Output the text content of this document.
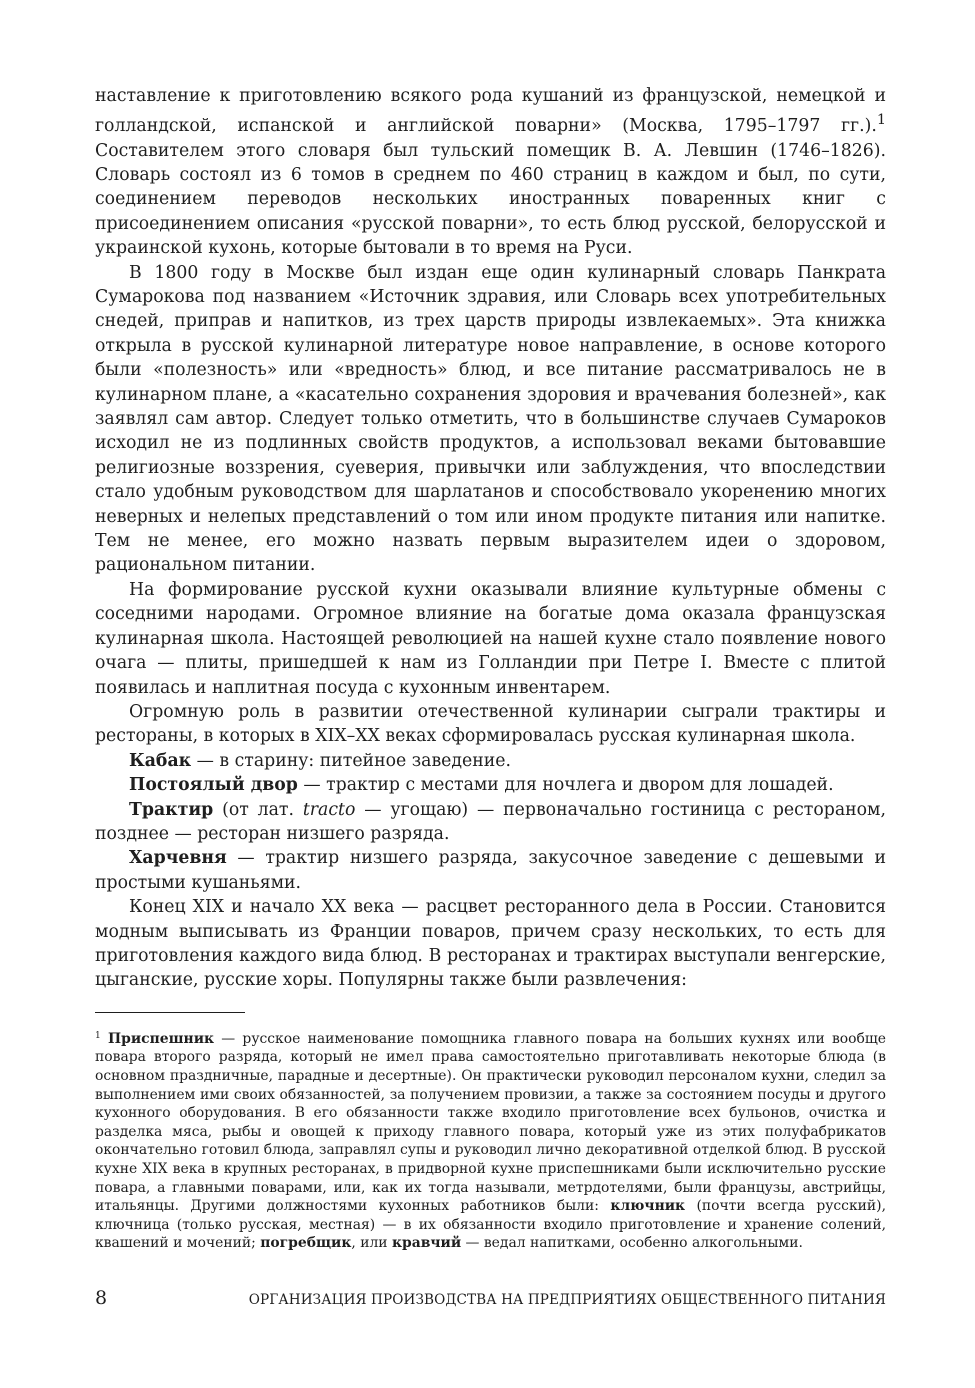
наставление к приготовлению всякого рода кушаний из французской, немецкой и голландской, испанской и английской поварни» (Москва, 1795–1797 гг.).$^1$ Составителем этого словаря был тульский помещик В. А. Левшин (1746–1826). Словарь состоял из 6 томов в среднем по 460 страниц в каждом и был, по сути, соединением переводов нескольких иностранных поваренных книг с присоединением описания «русской поварни», то есть блюд русской, белорусской и украинской кухонь, которые бытовали в то время на Руси.

В 1800 году в Москве был издан еще один кулинарный словарь Панкрата Сумарокова под названием «Источник здравия, или Словарь всех употребительных снедей, приправ и напитков, из трех царств природы извлекаемых». Эта книжка открыла в русской кулинарной литературе новое направление, в основе которого были «полезность» или «вредность» блюд, и все питание рассматривалось не в кулинарном плане, а «касательно сохранения здоровия и врачевания болезней», как заявлял сам автор. Следует только отметить, что в большинстве случаев Сумароков исходил не из подлинных свойств продуктов, а использовал веками бытовавшие религиозные воззрения, суеверия, привычки или заблуждения, что впоследствии стало удобным руководством для шарлатанов и способствовало укоренению многих неверных и нелепых представлений о том или ином продукте питания или напитке. Тем не менее, его можно назвать первым выразителем идеи о здоровом, рациональном питании.

На формирование русской кухни оказывали влияние культурные обмены с соседними народами. Огромное влияние на богатые дома оказала французская кулинарная школа. Настоящей революцией на нашей кухне стало появление нового очага — плиты, пришедшей к нам из Голландии при Петре I. Вместе с плитой появилась и наплитная посуда с кухонным инвентарем.

Огромную роль в развитии отечественной кулинарии сыграли трактиры и рестораны, в которых в XIX–XX веках сформировалась русская кулинарная школа.

Кабак — в старину: питейное заведение.

Постоялый двор — трактир с местами для ночлега и двором для лошадей.

Трактир (от лат. tracto — угощаю) — первоначально гостиница с рестораном, позднее — ресторан низшего разряда.

Харчевня — трактир низшего разряда, закусочное заведение с дешевыми и простыми кушаньями.

Конец XIX и начало XX века — расцвет ресторанного дела в России. Становится модным выписывать из Франции поваров, причем сразу нескольких, то есть для приготовления каждого вида блюд. В ресторанах и трактирах выступали венгерские, цыганские, русские хоры. Популярны также были развлечения:

$^1$ Приспешник — русское наименование помощника главного повара на больших кухнях или вообще повара второго разряда, который не имел права самостоятельно приготавливать некоторые блюда (в основном праздничные, парадные и десертные). Он практически руководил персоналом кухни, следил за выполнением ими своих обязанностей, за получением провизии, а также за состоянием посуды и другого кухонного оборудования. В его обязанности также входило приготовление всех бульонов, очистка и разделка мяса, рыбы и овощей к приходу главного повара, который уже из этих полуфабрикатов окончательно готовил блюда, заправлял супы и руководил лично декоративной отделкой блюд. В русской кухне XIX века в крупных ресторанах, в придворной кухне приспешниками были исключительно русские повара, а главными поварами, или, как их тогда называли, метрдотелями, были французы, австрийцы, итальянцы. Другими должностями кухонных работников были: ключник (почти всегда русский), ключница (только русская, местная) — в их обязанности входило приготовление и хранение солений, квашений и мочений; погребщик, или кравчий — ведал напитками, особенно алкогольными.

8	ОРГАНИЗАЦИЯ ПРОИЗВОДСТВА НА ПРЕДПРИЯТИЯХ ОБЩЕСТВЕННОГО ПИТАНИЯ
